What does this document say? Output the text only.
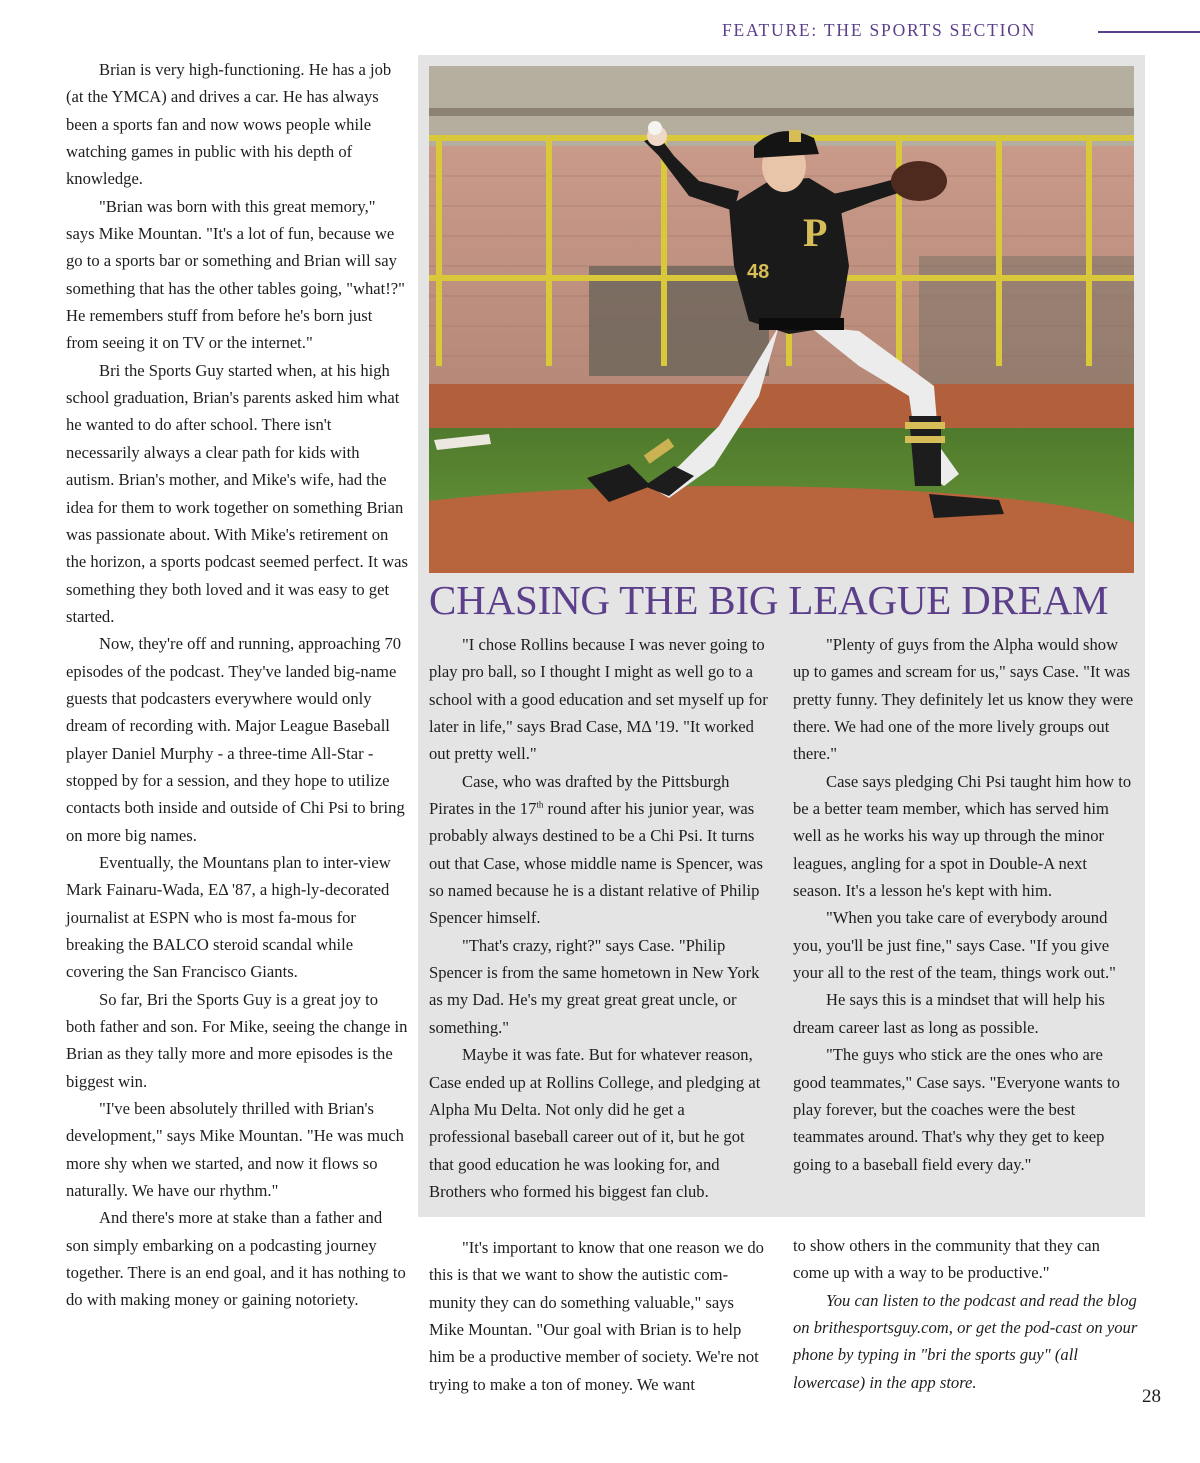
FEATURE: THE SPORTS SECTION

Brian is very high-functioning. He has a job (at the YMCA) and drives a car. He has always been a sports fan and now wows people while watching games in public with his depth of knowledge.

"Brian was born with this great memory," says Mike Mountan. "It's a lot of fun, because we go to a sports bar or something and Brian will say something that has the other tables going, "what!?" He remembers stuff from before he's born just from seeing it on TV or the internet."

Bri the Sports Guy started when, at his high school graduation, Brian's parents asked him what he wanted to do after school. There isn't necessarily always a clear path for kids with autism. Brian's mother, and Mike's wife, had the idea for them to work together on something Brian was passionate about. With Mike's retirement on the horizon, a sports podcast seemed perfect. It was something they both loved and it was easy to get started.

Now, they're off and running, approaching 70 episodes of the podcast. They've landed big-name guests that podcasters everywhere would only dream of recording with. Major League Baseball player Daniel Murphy - a three-time All-Star - stopped by for a session, and they hope to utilize contacts both inside and outside of Chi Psi to bring on more big names.

Eventually, the Mountans plan to inter-view Mark Fainaru-Wada, EΔ '87, a high-ly-decorated journalist at ESPN who is most fa-mous for breaking the BALCO steroid scandal while covering the San Francisco Giants.

So far, Bri the Sports Guy is a great joy to both father and son. For Mike, seeing the change in Brian as they tally more and more episodes is the biggest win.

"I've been absolutely thrilled with Brian's development," says Mike Mountan. "He was much more shy when we started, and now it flows so naturally. We have our rhythm."

And there's more at stake than a father and son simply embarking on a podcasting journey together. There is an end goal, and it has nothing to do with making money or gaining notoriety.

P
48
CHASING THE BIG LEAGUE DREAM

"I chose Rollins because I was never going to play pro ball, so I thought I might as well go to a school with a good education and set myself up for later in life," says Brad Case, MΔ '19. "It worked out pretty well."

Case, who was drafted by the Pittsburgh Pirates in the 17th round after his junior year, was probably always destined to be a Chi Psi. It turns out that Case, whose middle name is Spencer, was so named because he is a distant relative of Philip Spencer himself.

"That's crazy, right?" says Case. "Philip Spencer is from the same hometown in New York as my Dad. He's my great great great uncle, or something."

Maybe it was fate. But for whatever reason, Case ended up at Rollins College, and pledging at Alpha Mu Delta. Not only did he get a professional baseball career out of it, but he got that good education he was looking for, and Brothers who formed his biggest fan club.

"Plenty of guys from the Alpha would show up to games and scream for us," says Case. "It was pretty funny. They definitely let us know they were there. We had one of the more lively groups out there."

Case says pledging Chi Psi taught him how to be a better team member, which has served him well as he works his way up through the minor leagues, angling for a spot in Double-A next season. It's a lesson he's kept with him.

"When you take care of everybody around you, you'll be just fine," says Case. "If you give your all to the rest of the team, things work out."

He says this is a mindset that will help his dream career last as long as possible.

"The guys who stick are the ones who are good teammates," Case says. "Everyone wants to play forever, but the coaches were the best teammates around. That's why they get to keep going to a baseball field every day."

"It's important to know that one reason we do this is that we want to show the autistic com-munity they can do something valuable," says Mike Mountan. "Our goal with Brian is to help him be a productive member of society. We're not trying to make a ton of money. We want

to show others in the community that they can come up with a way to be productive."

You can listen to the podcast and read the blog on brithesportsguy.com, or get the pod-cast on your phone by typing in "bri the sports guy" (all lowercase) in the app store.

28
